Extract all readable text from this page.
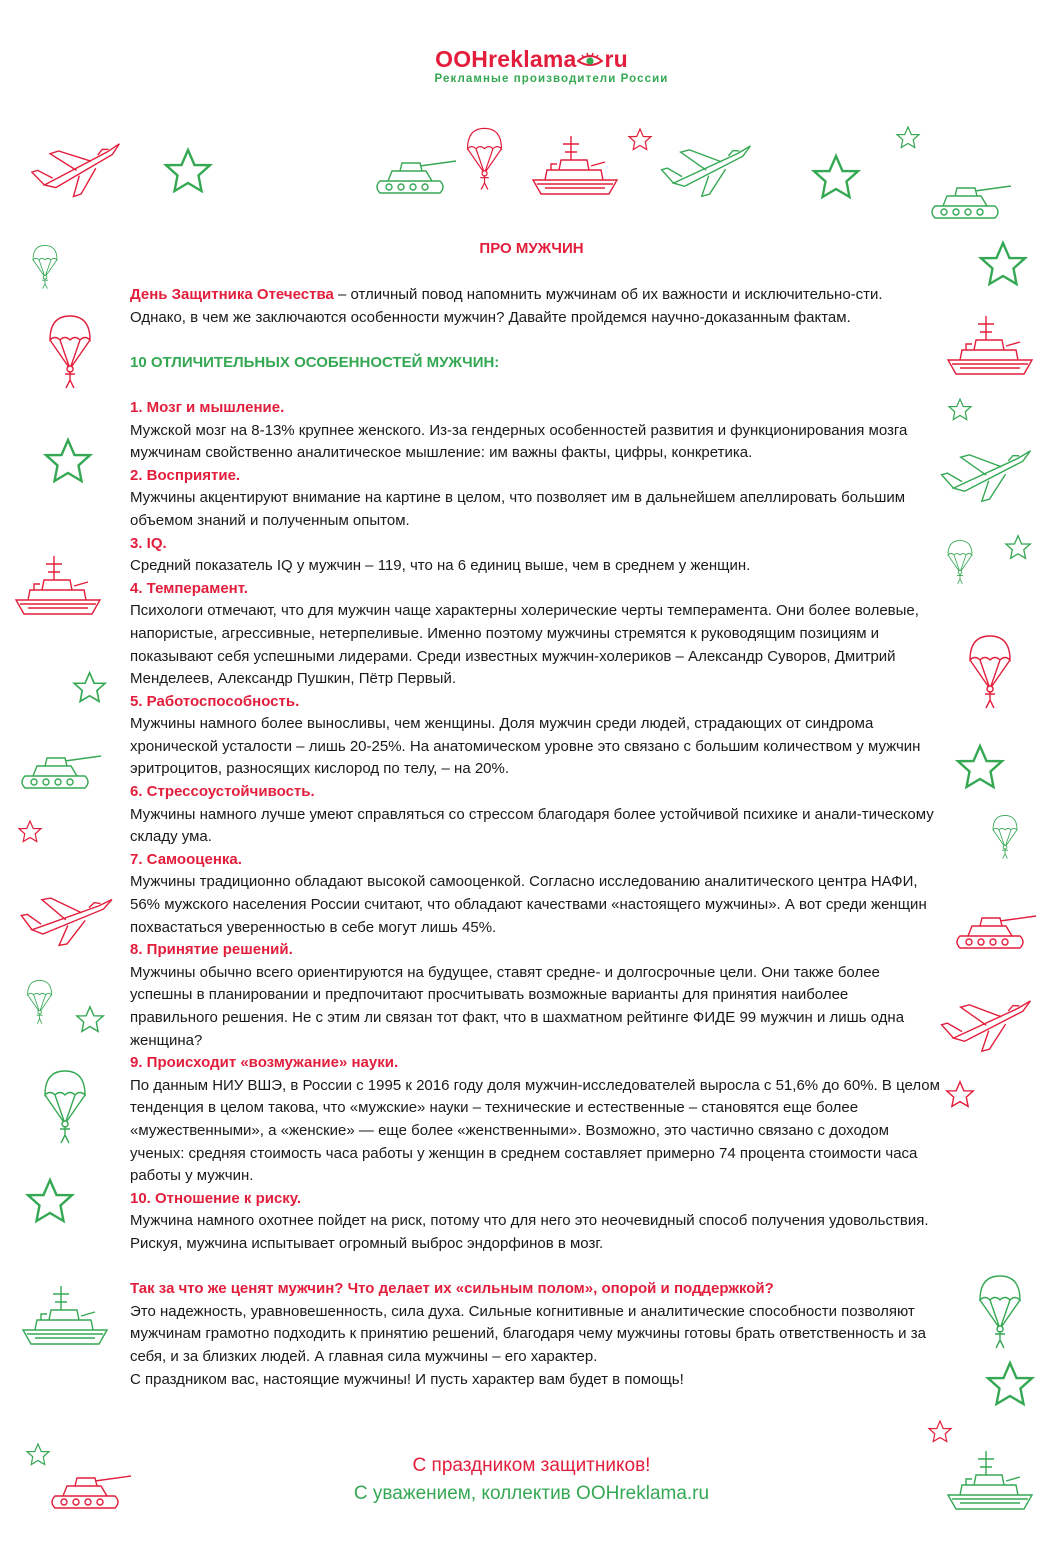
OOHreklama ru
Рекламные производители России
ПРО МУЖЧИН

День Защитника Отечества – отличный повод напомнить мужчинам об их важности и исключительно-сти. Однако, в чем же заключаются особенности мужчин? Давайте пройдемся научно-доказанным фактам.

10 ОТЛИЧИТЕЛЬНЫХ ОСОБЕННОСТЕЙ МУЖЧИН:

1. Мозг и мышление.

Мужской мозг на 8-13% крупнее женского. Из-за гендерных особенностей развития и функционирования мозга мужчинам свойственно аналитическое мышление: им важны факты, цифры, конкретика.

2. Восприятие.

Мужчины акцентируют внимание на картине в целом, что позволяет им в дальнейшем апеллировать большим объемом знаний и полученным опытом.

3. IQ.

Средний показатель IQ у мужчин – 119, что на 6 единиц выше, чем в среднем у женщин.

4. Темперамент.

Психологи отмечают, что для мужчин чаще характерны холерические черты темперамента. Они более волевые, напористые, агрессивные, нетерпеливые. Именно поэтому мужчины стремятся к руководящим позициям и показывают себя успешными лидерами. Среди известных мужчин-холериков – Александр Суворов, Дмитрий Менделеев, Александр Пушкин, Пётр Первый.

5. Работоспособность.

Мужчины намного более выносливы, чем женщины. Доля мужчин среди людей, страдающих от синдрома хронической усталости – лишь 20-25%. На анатомическом уровне это связано с большим количеством у мужчин эритроцитов, разносящих кислород по телу, – на 20%.

6. Стрессоустойчивость.

Мужчины намного лучше умеют справляться со стрессом благодаря более устойчивой психике и анали-тическому складу ума.

7. Самооценка.

Мужчины традиционно обладают высокой самооценкой. Согласно исследованию аналитического центра НАФИ, 56% мужского населения России считают, что обладают качествами «настоящего мужчины». А вот среди женщин похвастаться уверенностью в себе могут лишь 45%.

8. Принятие решений.

Мужчины обычно всего ориентируются на будущее, ставят средне- и долгосрочные цели. Они также более успешны в планировании и предпочитают просчитывать возможные варианты для принятия наиболее правильного решения. Не с этим ли связан тот факт, что в шахматном рейтинге ФИДЕ 99 мужчин и лишь одна женщина?

9. Происходит «возмужание» науки.

По данным НИУ ВШЭ, в России с 1995 к 2016 году доля мужчин-исследователей выросла с 51,6% до 60%. В целом тенденция в целом такова, что «мужские» науки – технические и естественные – становятся еще более «мужественными», а «женские» — еще более «женственными». Возможно, это частично связано с доходом ученых: средняя стоимость часа работы у женщин в среднем составляет примерно 74 процента стоимости часа работы у мужчин.

10. Отношение к риску.

Мужчина намного охотнее пойдет на риск, потому что для него это неочевидный способ получения удовольствия. Рискуя, мужчина испытывает огромный выброс эндорфинов в мозг.

Так за что же ценят мужчин? Что делает их «сильным полом», опорой и поддержкой?

Это надежность, уравновешенность, сила духа. Сильные когнитивные и аналитические способности позволяют мужчинам грамотно подходить к принятию решений, благодаря чему мужчины готовы брать ответственность и за себя, и за близких людей. А главная сила мужчины – его характер.

С праздником вас, настоящие мужчины! И пусть характер вам будет в помощь!

С праздником защитников!
С уважением, коллектив OOHreklama.ru
